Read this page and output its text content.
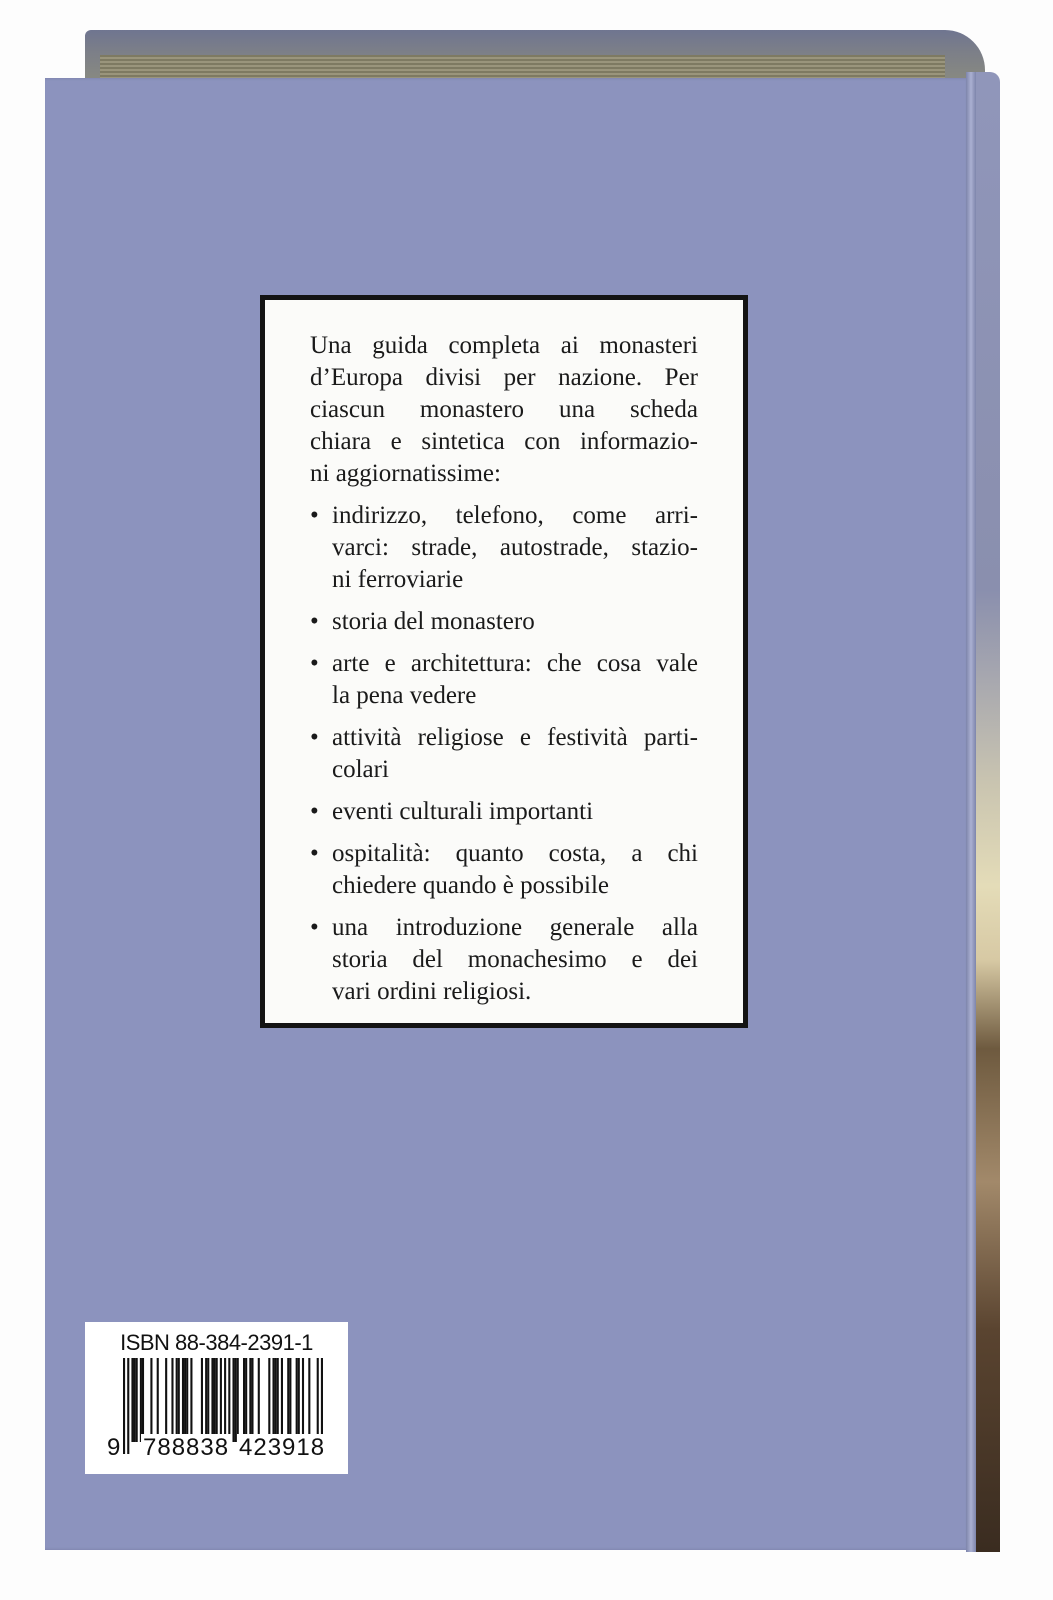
Una guida completa ai monasteri
d’Europa divisi per nazione. Per
ciascun monastero una scheda
chiara e sintetica con informazio-
ni aggiornatissime:
• indirizzo, telefono, come arri-
varci: strade, autostrade, stazio-
ni ferroviarie
• storia del monastero
• arte e architettura: che cosa vale
la pena vedere
• attività religiose e festività parti-
colari
• eventi culturali importanti
• ospitalità: quanto costa, a chi
chiedere quando è possibile
• una introduzione generale alla
storia del monachesimo e dei
vari ordini religiosi.
ISBN 88-384-2391-1
9 788838 423918
